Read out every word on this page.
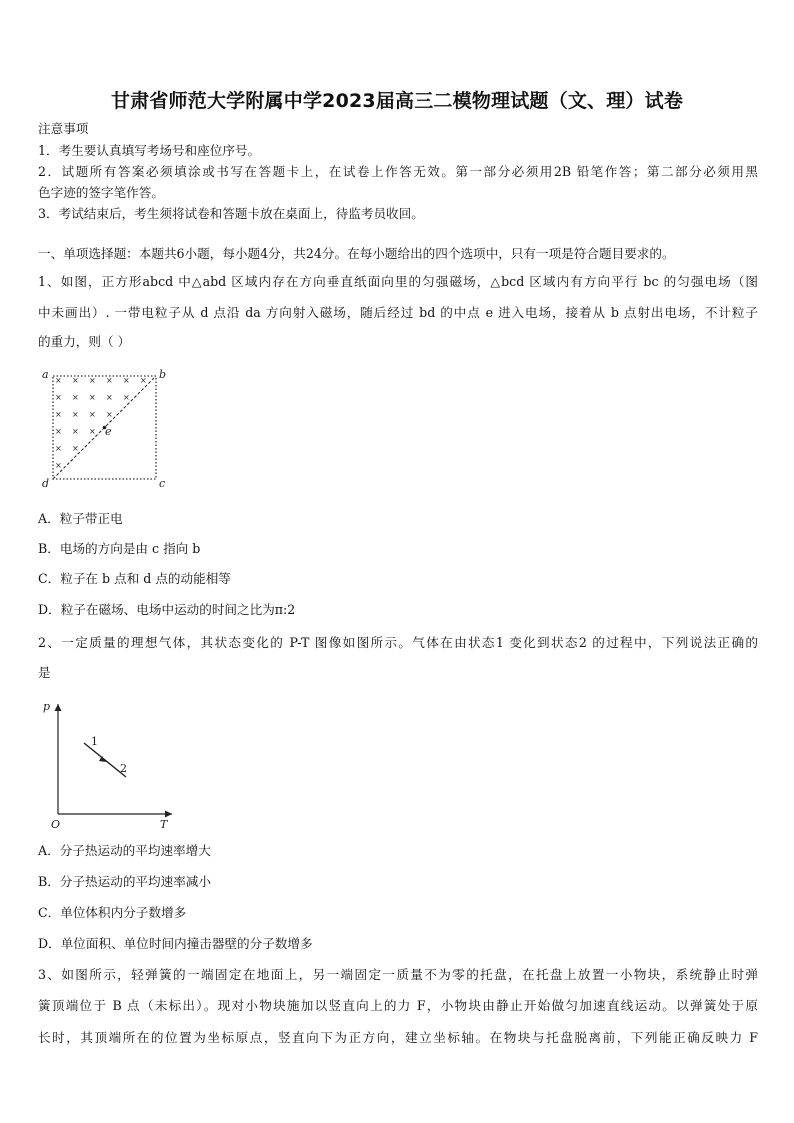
甘肃省师范大学附属中学2023届高三二模物理试题（文、理）试卷
注意事项
1．考生要认真填写考场号和座位序号。
2．试题所有答案必须填涂或书写在答题卡上，在试卷上作答无效。第一部分必须用2B 铅笔作答；第二部分必须用黑
色字迹的签字笔作答。
3．考试结束后，考生须将试卷和答题卡放在桌面上，待监考员收回。
一、单项选择题：本题共6小题，每小题4分，共24分。在每小题给出的四个选项中，只有一项是符合题目要求的。
1、如图，正方形abcd 中△abd 区域内存在方向垂直纸面向里的匀强磁场，△bcd 区域内有方向平行 bc 的匀强电场（图
中未画出）. 一带电粒子从 d 点沿 da 方向射入磁场，随后经过 bd 的中点 e 进入电场，接着从 b 点射出电场，不计粒子
的重力，则（ ）
× × × × × ×
× × × × ×
× × × ×
× × ×
× ×
×
a	b
c
d
e
A．粒子带正电
B．电场的方向是由 c 指向 b
C．粒子在 b 点和 d 点的动能相等
D．粒子在磁场、电场中运动的时间之比为π:2
2、一定质量的理想气体，其状态变化的 P-T 图像如图所示。气体在由状态1 变化到状态2 的过程中，下列说法正确的
是
p
T
O
1
2
A．分子热运动的平均速率增大
B．分子热运动的平均速率减小
C．单位体积内分子数增多
D．单位面积、单位时间内撞击器壁的分子数增多
3、如图所示，轻弹簧的一端固定在地面上，另一端固定一质量不为零的托盘，在托盘上放置一小物块，系统静止时弹
簧顶端位于 B 点（未标出）。现对小物块施加以竖直向上的力 F，小物块由静止开始做匀加速直线运动。以弹簧处于原
长时，其顶端所在的位置为坐标原点，竖直向下为正方向，建立坐标轴。在物块与托盘脱离前，下列能正确反映力 F
